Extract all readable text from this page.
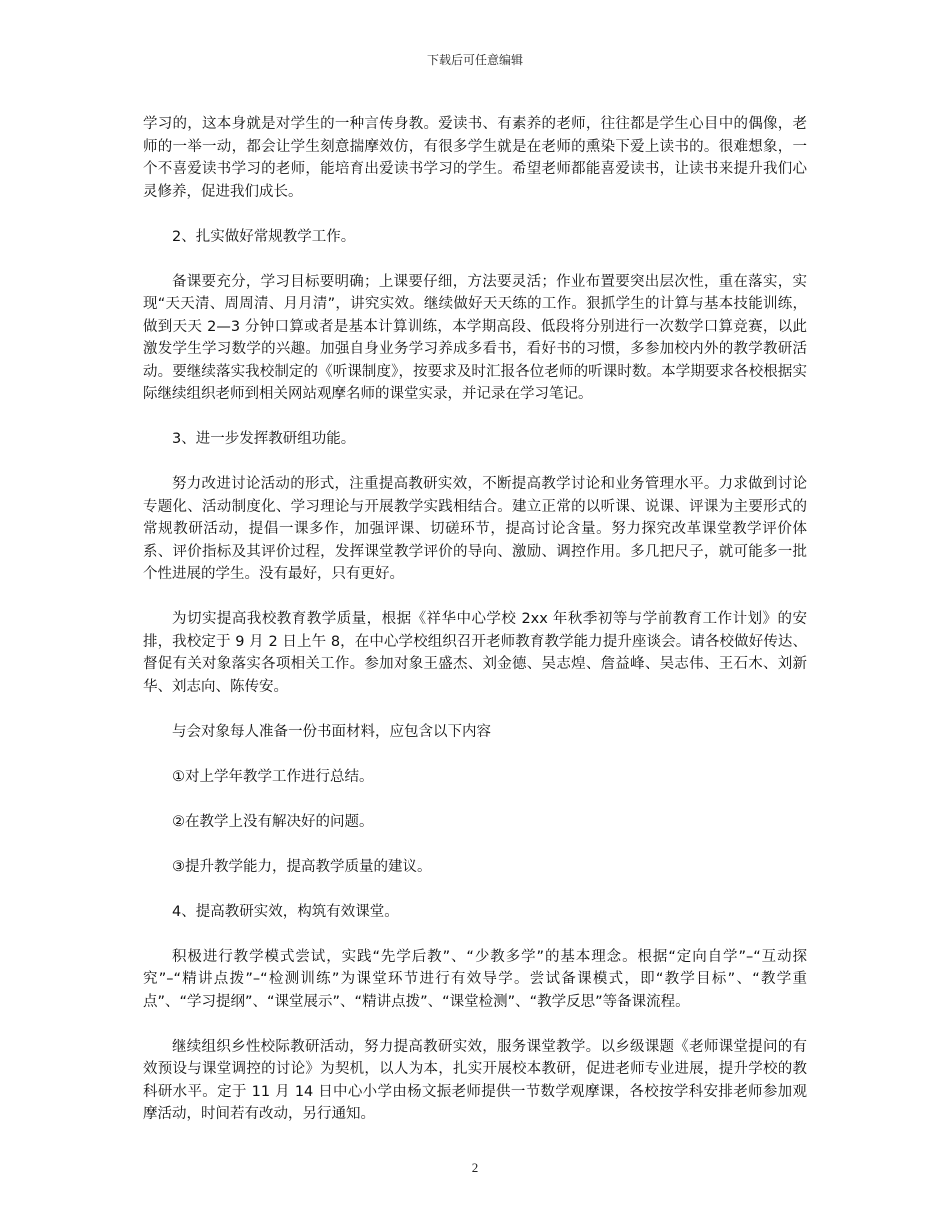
下载后可任意编辑

学习的，这本身就是对学生的一种言传身教。爱读书、有素养的老师，往往都是学生心目中的偶像，老师的一举一动，都会让学生刻意揣摩效仿，有很多学生就是在老师的熏染下爱上读书的。很难想象，一个不喜爱读书学习的老师，能培育出爱读书学习的学生。希望老师都能喜爱读书，让读书来提升我们心灵修养，促进我们成长。

2、扎实做好常规教学工作。

备课要充分，学习目标要明确；上课要仔细，方法要灵活；作业布置要突出层次性，重在落实，实现“天天清、周周清、月月清”，讲究实效。继续做好天天练的工作。狠抓学生的计算与基本技能训练，做到天天 2—3 分钟口算或者是基本计算训练，本学期高段、低段将分别进行一次数学口算竞赛，以此激发学生学习数学的兴趣。加强自身业务学习养成多看书，看好书的习惯，多参加校内外的教学教研活动。要继续落实我校制定的《听课制度》，按要求及时汇报各位老师的听课时数。本学期要求各校根据实际继续组织老师到相关网站观摩名师的课堂实录，并记录在学习笔记。

3、进一步发挥教研组功能。

努力改进讨论活动的形式，注重提高教研实效，不断提高教学讨论和业务管理水平。力求做到讨论专题化、活动制度化、学习理论与开展教学实践相结合。建立正常的以听课、说课、评课为主要形式的常规教研活动，提倡一课多作，加强评课、切磋环节，提高讨论含量。努力探究改革课堂教学评价体系、评价指标及其评价过程，发挥课堂教学评价的导向、激励、调控作用。多几把尺子，就可能多一批个性进展的学生。没有最好，只有更好。

为切实提高我校教育教学质量，根据《祥华中心学校 2xx 年秋季初等与学前教育工作计划》的安排，我校定于 9 月 2 日上午 8，在中心学校组织召开老师教育教学能力提升座谈会。请各校做好传达、督促有关对象落实各项相关工作。参加对象王盛杰、刘金德、吴志煌、詹益峰、吴志伟、王石木、刘新华、刘志向、陈传安。

与会对象每人准备一份书面材料，应包含以下内容

①对上学年教学工作进行总结。

②在教学上没有解决好的问题。

③提升教学能力，提高教学质量的建议。

4、提高教研实效，构筑有效课堂。

积极进行教学模式尝试，实践“先学后教”、“少教多学”的基本理念。根据“定向自学”–“互动探究”–“精讲点拨”–“检测训练”为课堂环节进行有效导学。尝试备课模式，即“教学目标”、“教学重点”、“学习提纲”、“课堂展示”、“精讲点拨”、“课堂检测”、“教学反思”等备课流程。

继续组织乡性校际教研活动，努力提高教研实效，服务课堂教学。以乡级课题《老师课堂提问的有效预设与课堂调控的讨论》为契机，以人为本，扎实开展校本教研，促进老师专业进展，提升学校的教科研水平。定于 11 月 14 日中心小学由杨文振老师提供一节数学观摩课，各校按学科安排老师参加观摩活动，时间若有改动，另行通知。

2
